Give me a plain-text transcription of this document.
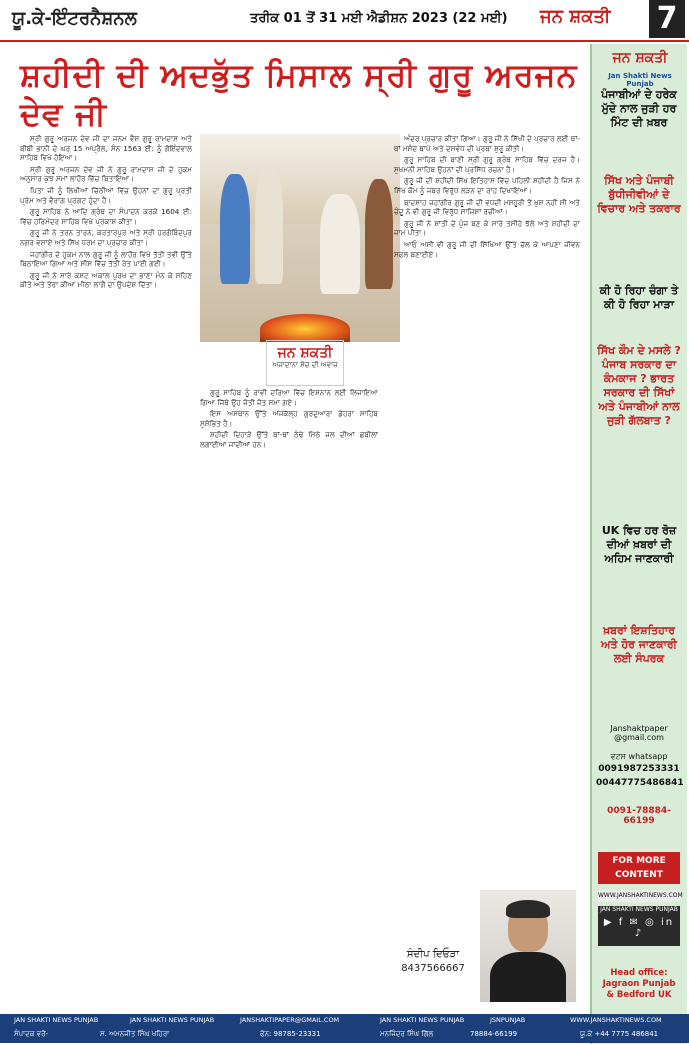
ਯੂ.ਕੇ-ਇੰਟਰਨੈਸ਼ਨਲ	ਤਰੀਕ 01 ਤੋਂ 31 ਮਈ ਐਡੀਸ਼ਨ 2023 (22 ਮਈ) ਜਨ ਸ਼ਕਤੀ 7
ਸ਼ਹੀਦੀ ਦੀ ਅਦਭੁੱਤ ਮਿਸਾਲ ਸ੍ਰੀ ਗੁਰੂ ਅਰਜਨ ਦੇਵ ਜੀ

ਸ੍ਰੀ ਗੁਰੂ ਅਰਜਨ ਦੇਵ ਜੀ ਦਾ ਜਨਮ ਵੈਸ਼ ਗੁਰੂ ਰਾਮਦਾਸ ਅਤੇ ਬੀਬੀ ਭਾਨੀ ਦੇ ਘਰ 15 ਅਪ੍ਰੈਲ, ਸੰਨ 1563 ਈ: ਨੂੰ ਗੋਇੰਦਵਾਲ ਸਾਹਿਬ ਵਿਖੇ ਹੋਇਆ।

ਸ੍ਰੀ ਗੁਰੂ ਅਰਜਨ ਦੇਵ ਜੀ ਨੇ ਗੁਰੂ ਰਾਮਦਾਸ ਜੀ ਦੇ ਹੁਕਮ ਅਨੁਸਾਰ ਕੁਝ ਸਮਾਂ ਲਾਹੌਰ ਵਿੱਚ ਬਿਤਾਇਆ।

ਪਿਤਾ ਜੀ ਨੂੰ ਲਿਖੀਆਂ ਚਿੱਠੀਆਂ ਵਿੱਚ ਉਹਨਾਂ ਦਾ ਗੁਰੂ ਪ੍ਰਤੀ ਪ੍ਰੇਮ ਅਤੇ ਵੈਰਾਗ ਪ੍ਰਗਟ ਹੁੰਦਾ ਹੈ।

ਗੁਰੂ ਸਾਹਿਬ ਨੇ ਆਦਿ ਗ੍ਰੰਥ ਦਾ ਸੰਪਾਦਨ ਕਰਕੇ 1604 ਈ: ਵਿੱਚ ਹਰਿਮੰਦਰ ਸਾਹਿਬ ਵਿਖੇ ਪ੍ਰਕਾਸ਼ ਕੀਤਾ।

ਗੁਰੂ ਜੀ ਨੇ ਤਰਨ ਤਾਰਨ, ਕਰਤਾਰਪੁਰ ਅਤੇ ਸ੍ਰੀ ਹਰਗੋਬਿੰਦਪੁਰ ਨਗਰ ਵਸਾਏ ਅਤੇ ਸਿੱਖ ਧਰਮ ਦਾ ਪ੍ਰਚਾਰ ਕੀਤਾ।

ਜਹਾਂਗੀਰ ਦੇ ਹੁਕਮ ਨਾਲ ਗੁਰੂ ਜੀ ਨੂੰ ਲਾਹੌਰ ਵਿਖੇ ਤੱਤੀ ਤਵੀ ਉੱਤੇ ਬਿਠਾਇਆ ਗਿਆ ਅਤੇ ਸੀਸ ਵਿੱਚ ਤੱਤੀ ਰੇਤ ਪਾਈ ਗਈ।

ਗੁਰੂ ਜੀ ਨੇ ਸਾਰੇ ਕਸ਼ਟ ਅਕਾਲ ਪੁਰਖ ਦਾ ਭਾਣਾ ਮੰਨ ਕੇ ਸਹਿਣ ਕੀਤੇ ਅਤੇ ਤੇਰਾ ਕੀਆ ਮੀਠਾ ਲਾਗੈ ਦਾ ਉਪਦੇਸ਼ ਦਿੱਤਾ।

ਗੁਰੂ ਸਾਹਿਬ ਨੂੰ ਰਾਵੀ ਦਰਿਆ ਵਿੱਚ ਇਸ਼ਨਾਨ ਲਈ ਲਿਜਾਇਆ ਗਿਆ ਜਿੱਥੇ ਉਹ ਜੋਤੀ ਜੋਤ ਸਮਾ ਗਏ।

ਇਸ ਅਸਥਾਨ ਉੱਤੇ ਅੱਜਕੱਲ੍ਹ ਗੁਰਦੁਆਰਾ ਡੇਹਰਾ ਸਾਹਿਬ ਸੁਸ਼ੋਭਿਤ ਹੈ।

ਸ਼ਹੀਦੀ ਦਿਹਾੜੇ ਉੱਤੇ ਥਾਂ-ਥਾਂ ਠੰਢੇ ਮਿੱਠੇ ਜਲ ਦੀਆਂ ਛਬੀਲਾਂ ਲਗਾਈਆਂ ਜਾਂਦੀਆਂ ਹਨ।

ਜਨ ਸ਼ਕਤੀ
ਅਜਾਦਾਨਾ ਸੋਚ ਦੀ ਅਵਾਜ਼

ਅੰਦਰ ਪ੍ਰਚਾਰ ਕੀਤਾ ਗਿਆ। ਗੁਰੂ ਜੀ ਨੇ ਸਿੱਖੀ ਦੇ ਪ੍ਰਚਾਰ ਲਈ ਥਾਂ-ਥਾਂ ਮਸੰਦ ਥਾਪੇ ਅਤੇ ਦਸਵੰਧ ਦੀ ਪ੍ਰਥਾ ਸ਼ੁਰੂ ਕੀਤੀ।

ਗੁਰੂ ਸਾਹਿਬ ਦੀ ਬਾਣੀ ਸ੍ਰੀ ਗੁਰੂ ਗ੍ਰੰਥ ਸਾਹਿਬ ਵਿੱਚ ਦਰਜ ਹੈ। ਸੁਖਮਨੀ ਸਾਹਿਬ ਉਹਨਾਂ ਦੀ ਪ੍ਰਸਿੱਧ ਰਚਨਾ ਹੈ।

ਗੁਰੂ ਜੀ ਦੀ ਸ਼ਹੀਦੀ ਸਿੱਖ ਇਤਿਹਾਸ ਵਿੱਚ ਪਹਿਲੀ ਸ਼ਹੀਦੀ ਹੈ ਜਿਸ ਨੇ ਸਿੱਖ ਕੌਮ ਨੂੰ ਜਬਰ ਵਿਰੁੱਧ ਲੜਨ ਦਾ ਰਾਹ ਦਿਖਾਇਆ।

ਬਾਦਸ਼ਾਹ ਜਹਾਂਗੀਰ ਗੁਰੂ ਜੀ ਦੀ ਵਧਦੀ ਮਸ਼ਹੂਰੀ ਤੋਂ ਖ਼ੁਸ਼ ਨਹੀਂ ਸੀ ਅਤੇ ਚੰਦੂ ਨੇ ਵੀ ਗੁਰੂ ਜੀ ਵਿਰੁੱਧ ਸਾਜ਼ਿਸ਼ਾਂ ਰਚੀਆਂ।

ਗੁਰੂ ਜੀ ਨੇ ਸ਼ਾਂਤੀ ਦੇ ਪੁੰਜ ਬਣ ਕੇ ਸਾਰੇ ਤਸੀਹੇ ਝੱਲੇ ਅਤੇ ਸ਼ਹੀਦੀ ਦਾ ਜਾਮ ਪੀਤਾ।

ਆਓ ਅਸੀਂ ਵੀ ਗੁਰੂ ਜੀ ਦੀ ਸਿੱਖਿਆ ਉੱਤੇ ਚੱਲ ਕੇ ਆਪਣਾ ਜੀਵਨ ਸਫਲ ਬਣਾਈਏ।

ਸੰਦੀਪ ਦਿਓੜਾ
8437566667
ਜਨ ਸ਼ਕਤੀ
Jan Shakti News Punjab
ਪੰਜਾਬੀਆਂ ਦੇ ਹਰੇਕ ਮੁੱਦੇ ਨਾਲ ਜੁੜੀ ਹਰ ਮਿੰਟ ਦੀ ਖ਼ਬਰ
ਸਿੱਖ ਅਤੇ ਪੰਜਾਬੀ ਬੁੱਧੀਜੀਵੀਆਂ ਦੇ ਵਿਚਾਰ ਅਤੇ ਤਕਰਾਰ
ਕੀ ਹੋ ਰਿਹਾ ਚੰਗਾ ਤੇ ਕੀ ਹੋ ਰਿਹਾ ਮਾੜਾ
ਸਿੱਖ ਕੌਮ ਦੇ ਮਸਲੇ ? ਪੰਜਾਬ ਸਰਕਾਰ ਦਾ ਕੰਮਕਾਜ ? ਭਾਰਤ ਸਰਕਾਰ ਦੀ ਸਿੱਖਾਂ ਅਤੇ ਪੰਜਾਬੀਆਂ ਨਾਲ ਜੁੜੀ ਗੱਲਬਾਤ ?
UK ਵਿਚ ਹਰ ਰੋਜ਼ ਦੀਆਂ ਖ਼ਬਰਾਂ ਦੀ ਅਹਿਮ ਜਾਣਕਾਰੀ
ਖ਼ਬਰਾਂ ਇਸ਼ਤਿਹਾਰ ਅਤੇ ਹੋਰ ਜਾਣਕਾਰੀ ਲਈ ਸੰਪਰਕ
Janshaktpaper @gmail.com
ਵਟਸ whatsapp
0091987253331
00447775486841
0091-78884-66199
FOR MORE CONTENT
WWW.JANSHAKTINEWS.COM
JAN SHAKTI NEWS PUNJAB
▶ f ✉ ◎ in ♪
Head office: Jagraon Punjab & Bedford UK
JAN SHAKTI NEWS PUNJAB	JAN SHAKTI NEWS PUNJAB	JANSHAKTIPAPER@GMAIL.COM	JAN SHAKTI NEWS PUNJAB	JSNPUNJAB	WWW.JANSHAKTINEWS.COM
ਸੰਪਾਦਕ ਵਰੋਂ-	ਸ. ਅਮਨਜੀਤ ਸਿੰਘ ਖਹਿਰਾ	ਫੋਨ: 98785-23331	ਮਨਜਿੰਦਰ ਸਿੰਘ ਗਿੱਲ	78884-66199	ਯੂ.ਕੇ +44 7775 486841
